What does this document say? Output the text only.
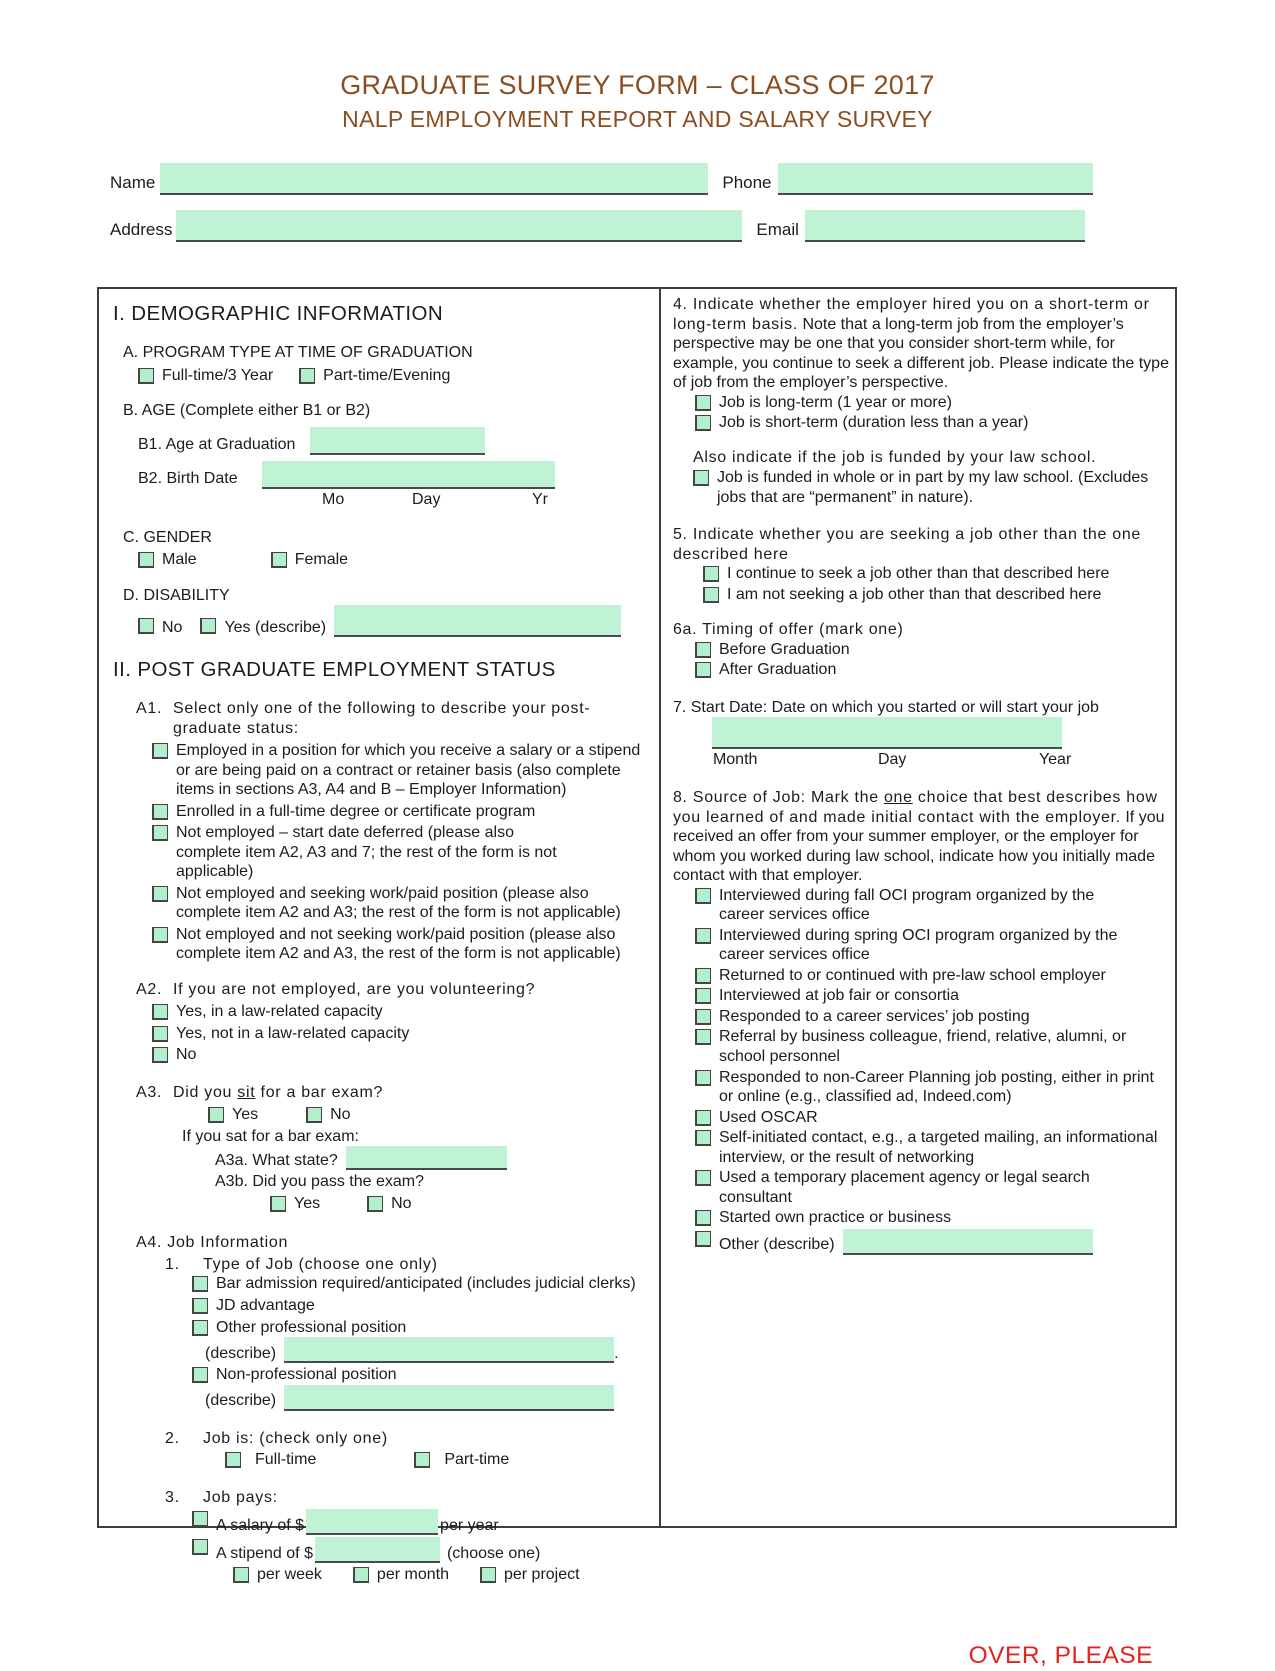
GRADUATE SURVEY FORM – CLASS OF 2017
NALP EMPLOYMENT REPORT AND SALARY SURVEY
Name	Phone
Address	Email
I. DEMOGRAPHIC INFORMATION
A. PROGRAM TYPE AT TIME OF GRADUATION
Full-time/3 Year	Part-time/Evening
B. AGE (Complete either B1 or B2)
B1. Age at Graduation
B2. Birth Date
Mo	Day	Yr
C. GENDER
Male	Female
D. DISABILITY
No	Yes (describe)
II. POST GRADUATE EMPLOYMENT STATUS
A1. Select only one of the following to describe your post-graduate status:
Employed in a position for which you receive a salary or a stipend or are being paid on a contract or retainer basis (also complete items in sections A3, A4 and B – Employer Information)
Enrolled in a full-time degree or certificate program
Not employed – start date deferred (please also complete item A2, A3 and 7; the rest of the form is not applicable)
Not employed and seeking work/paid position (please also complete item A2 and A3; the rest of the form is not applicable)
Not employed and not seeking work/paid position (please also complete item A2 and A3, the rest of the form is not applicable)
A2. If you are not employed, are you volunteering?
Yes, in a law-related capacity
Yes, not in a law-related capacity
No
A3. Did you sit for a bar exam?
Yes	No
If you sat for a bar exam:
A3a. What state?
A3b. Did you pass the exam?
Yes	No
A4. Job Information
1.	Type of Job (choose one only)
Bar admission required/anticipated (includes judicial clerks)
JD advantage
Other professional position
(describe)	.
Non-professional position
(describe)
2.	Job is: (check only one)
Full-time	Part-time
3.	Job pays:
A salary of $	per year
A stipend of $	(choose one)
per week	per month	per project

4. Indicate whether the employer hired you on a short-term or long-term basis. Note that a long-term job from the employer’s perspective may be one that you consider short-term while, for example, you continue to seek a different job. Please indicate the type of job from the employer’s perspective.

Job is long-term (1 year or more)
Job is short-term (duration less than a year)
Also indicate if the job is funded by your law school.
Job is funded in whole or in part by my law school. (Excludes jobs that are “permanent” in nature).

5. Indicate whether you are seeking a job other than the one described here

I continue to seek a job other than that described here
I am not seeking a job other than that described here

6a. Timing of offer (mark one)

Before Graduation
After Graduation

7. Start Date: Date on which you started or will start your job

Month	Day	Year

8. Source of Job: Mark the one choice that best describes how you learned of and made initial contact with the employer. If you received an offer from your summer employer, or the employer for whom you worked during law school, indicate how you initially made contact with that employer.

Interviewed during fall OCI program organized by the career services office
Interviewed during spring OCI program organized by the career services office
Returned to or continued with pre-law school employer
Interviewed at job fair or consortia
Responded to a career services’ job posting
Referral by business colleague, friend, relative, alumni, or school personnel
Responded to non-Career Planning job posting, either in print or online (e.g., classified ad, Indeed.com)
Used OSCAR
Self-initiated contact, e.g., a targeted mailing, an informational interview, or the result of networking
Used a temporary placement agency or legal search consultant
Started own practice or business
Other (describe)
OVER, PLEASE
